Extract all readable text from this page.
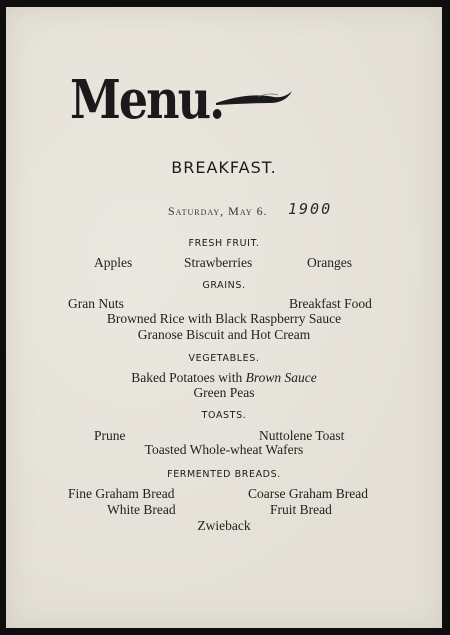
Menu.
BREAKFAST.
Saturday, May 6. 1900
FRESH FRUIT.
Apples	Strawberries	Oranges
GRAINS.
Gran Nuts	Breakfast Food
Browned Rice with Black Raspberry Sauce
Granose Biscuit and Hot Cream
VEGETABLES.
Baked Potatoes with Brown Sauce
Green Peas
TOASTS.
Prune	Nuttolene Toast
Toasted Whole-wheat Wafers
FERMENTED BREADS.
Fine Graham Bread	Coarse Graham Bread
White Bread	Fruit Bread
Zwieback
